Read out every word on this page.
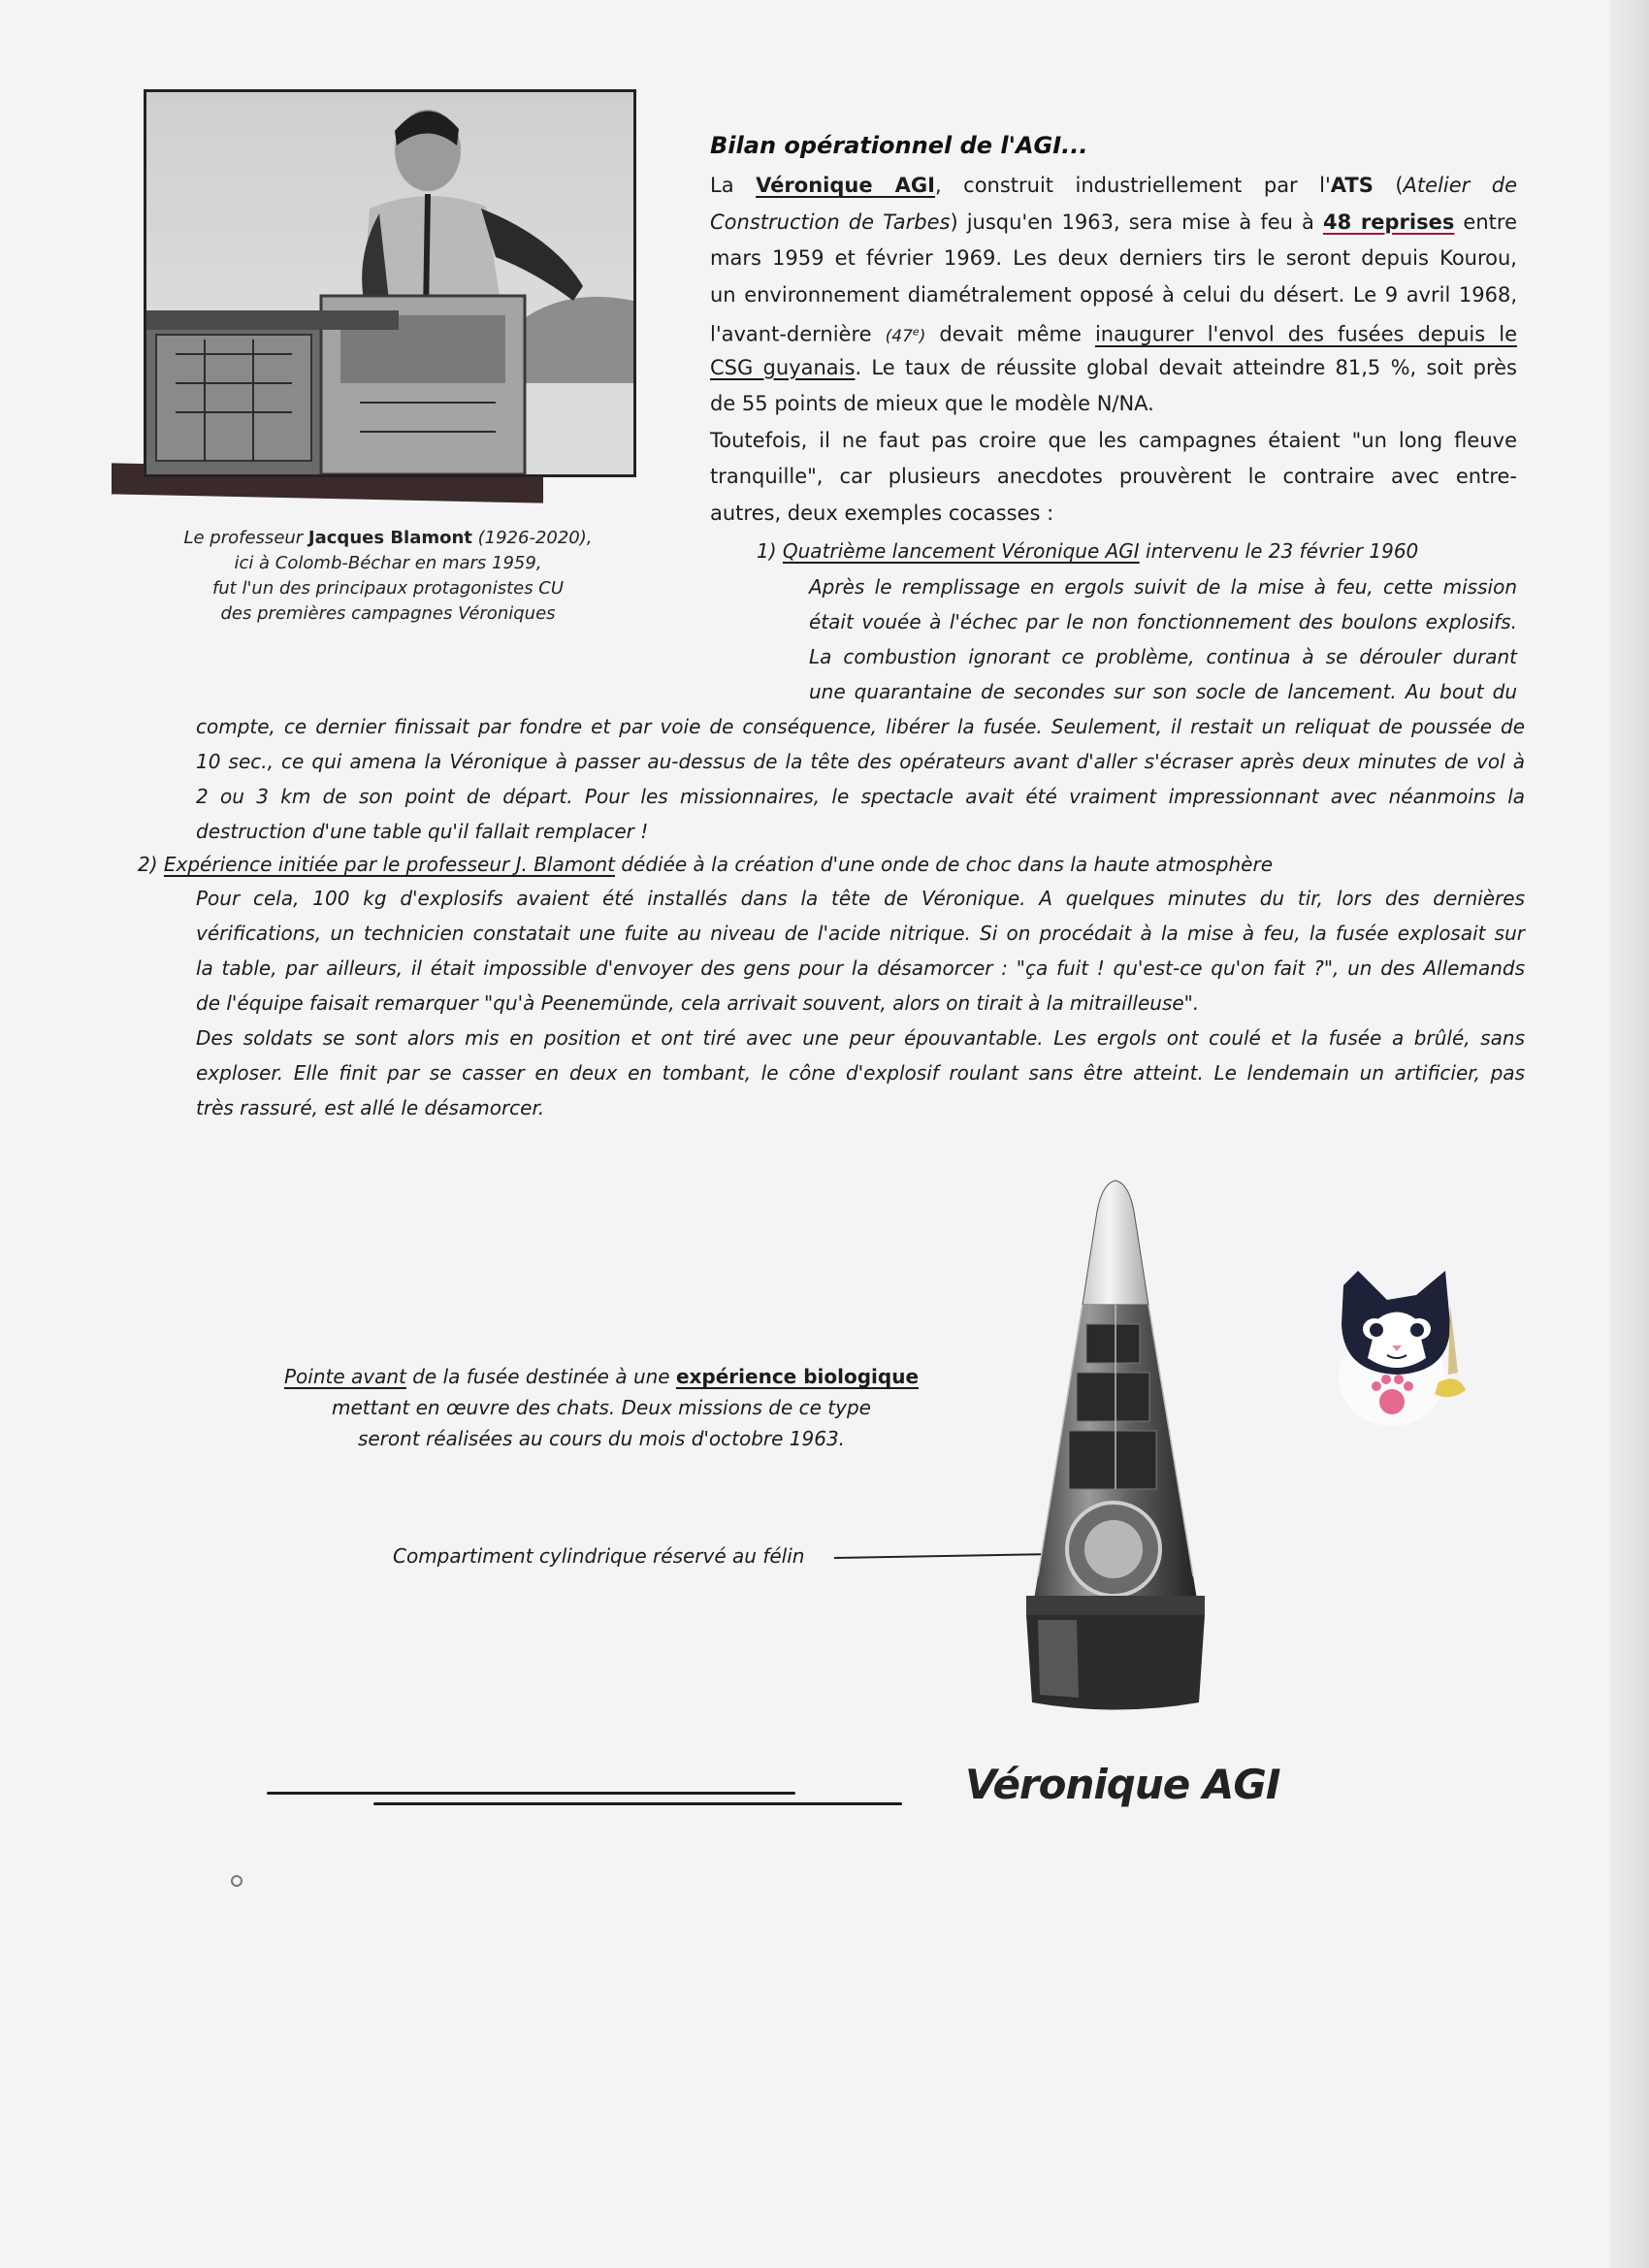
Le professeur Jacques Blamont (1926-2020),
ici à Colomb-Béchar en mars 1959,
fut l'un des principaux protagonistes CU
des premières campagnes Véroniques
Bilan opérationnel de l'AGI...
La Véronique AGI, construit industriellement par l'ATS (Atelier de
Construction de Tarbes) jusqu'en 1963, sera mise à feu à 48 reprises entre
mars 1959 et février 1969. Les deux derniers tirs le seront depuis Kourou,
un environnement diamétralement opposé à celui du désert. Le 9 avril 1968,
l'avant-dernière (47e) devait même inaugurer l'envol des fusées depuis le
CSG guyanais. Le taux de réussite global devait atteindre 81,5 %, soit près
de 55 points de mieux que le modèle N/NA.
Toutefois, il ne faut pas croire que les campagnes étaient "un long fleuve
tranquille", car plusieurs anecdotes prouvèrent le contraire avec entre-
autres, deux exemples cocasses :
1) Quatrième lancement Véronique AGI intervenu le 23 février 1960
Après le remplissage en ergols suivit de la mise à feu, cette mission
était vouée à l'échec par le non fonctionnement des boulons explosifs.
La combustion ignorant ce problème, continua à se dérouler durant
une quarantaine de secondes sur son socle de lancement. Au bout du
compte, ce dernier finissait par fondre et par voie de conséquence, libérer la fusée. Seulement, il restait un reliquat de poussée de
10 sec., ce qui amena la Véronique à passer au-dessus de la tête des opérateurs avant d'aller s'écraser après deux minutes de vol à
2 ou 3 km de son point de départ. Pour les missionnaires, le spectacle avait été vraiment impressionnant avec néanmoins la
destruction d'une table qu'il fallait remplacer !
2) Expérience initiée par le professeur J. Blamont dédiée à la création d'une onde de choc dans la haute atmosphère
Pour cela, 100 kg d'explosifs avaient été installés dans la tête de Véronique. A quelques minutes du tir, lors des dernières
vérifications, un technicien constatait une fuite au niveau de l'acide nitrique. Si on procédait à la mise à feu, la fusée explosait sur
la table, par ailleurs, il était impossible d'envoyer des gens pour la désamorcer : "ça fuit ! qu'est-ce qu'on fait ?", un des Allemands
de l'équipe faisait remarquer "qu'à Peenemünde, cela arrivait souvent, alors on tirait à la mitrailleuse".
Des soldats se sont alors mis en position et ont tiré avec une peur épouvantable. Les ergols ont coulé et la fusée a brûlé, sans
exploser. Elle finit par se casser en deux en tombant, le cône d'explosif roulant sans être atteint. Le lendemain un artificier, pas
très rassuré, est allé le désamorcer.
Pointe avant de la fusée destinée à une expérience biologique
mettant en œuvre des chats. Deux missions de ce type
seront réalisées au cours du mois d'octobre 1963.
Compartiment cylindrique réservé au félin
Véronique AGI
